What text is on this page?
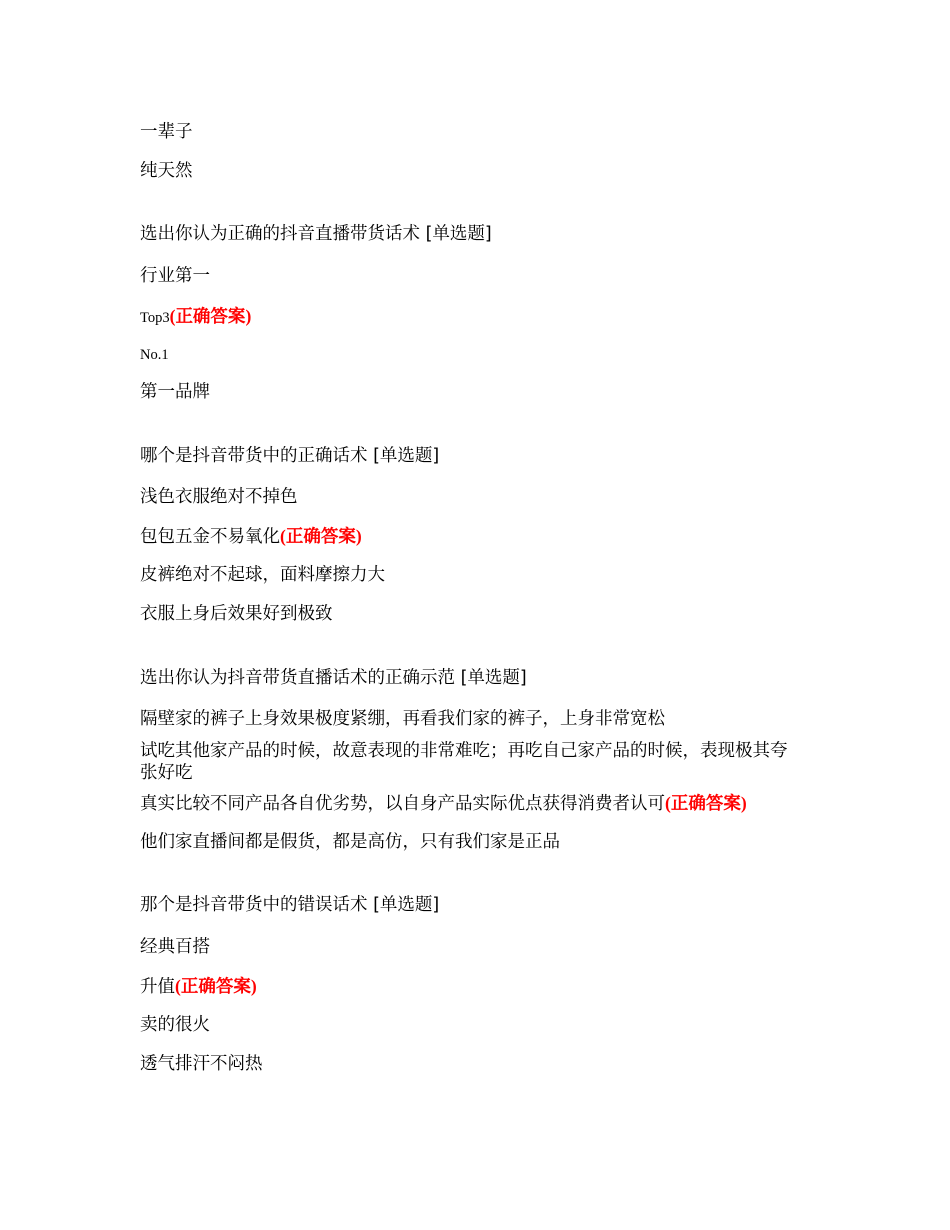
一辈子
纯天然
选出你认为正确的抖音直播带货话术 [单选题]
行业第一
Top3(正确答案)
No.1
第一品牌
哪个是抖音带货中的正确话术 [单选题]
浅色衣服绝对不掉色
包包五金不易氧化(正确答案)
皮裤绝对不起球，面料摩擦力大
衣服上身后效果好到极致
选出你认为抖音带货直播话术的正确示范 [单选题]
隔壁家的裤子上身效果极度紧绷，再看我们家的裤子，上身非常宽松
试吃其他家产品的时候，故意表现的非常难吃；再吃自己家产品的时候，表现极其夸张好吃
真实比较不同产品各自优劣势，以自身产品实际优点获得消费者认可(正确答案)
他们家直播间都是假货，都是高仿，只有我们家是正品
那个是抖音带货中的错误话术 [单选题]
经典百搭
升值(正确答案)
卖的很火
透气排汗不闷热
